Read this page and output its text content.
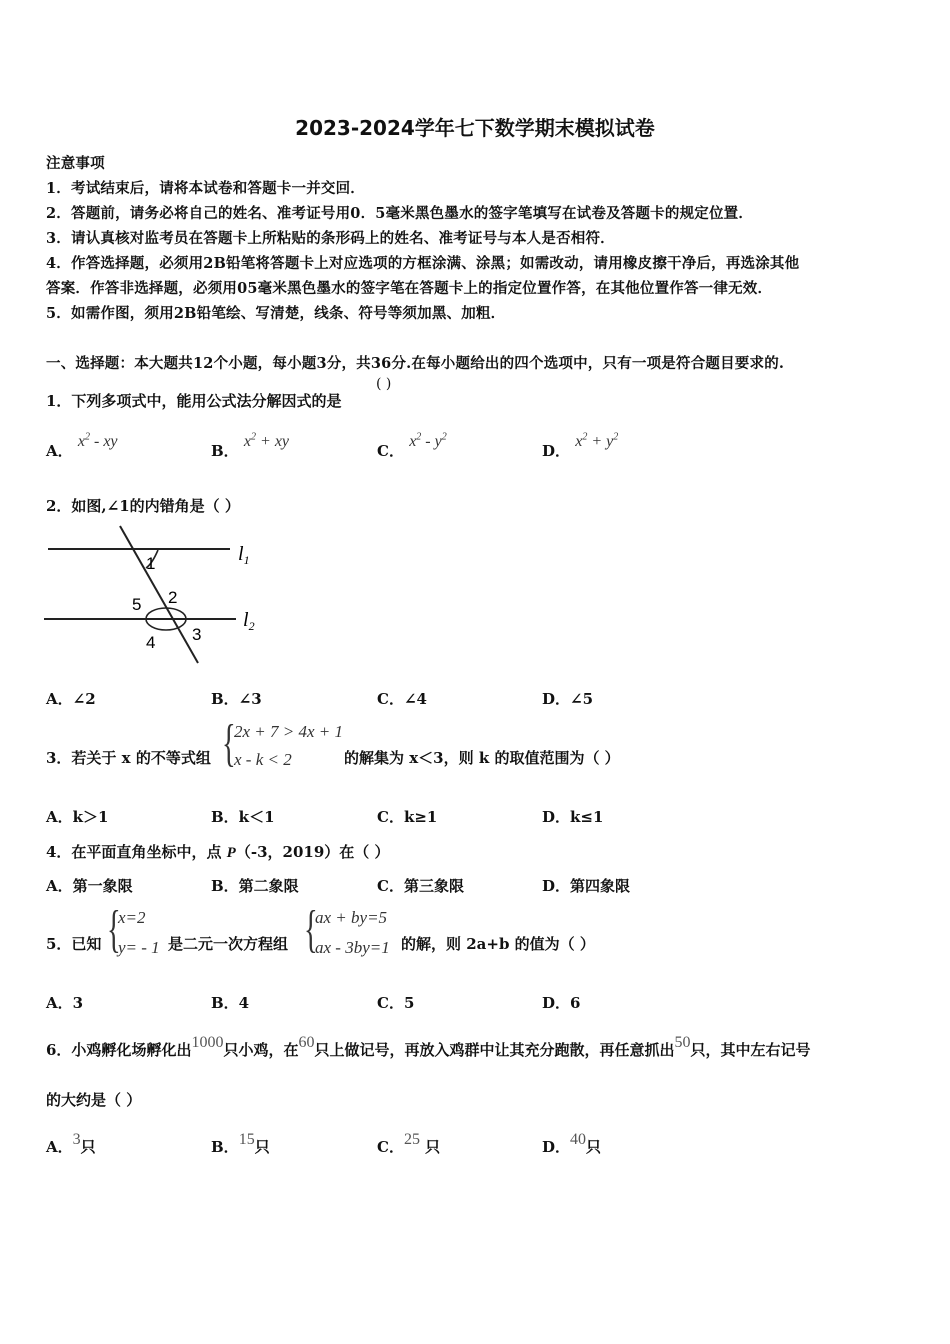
2023-2024学年七下数学期末模拟试卷
注意事项
1．考试结束后，请将本试卷和答题卡一并交回．
2．答题前，请务必将自己的姓名、准考证号用0．5毫米黑色墨水的签字笔填写在试卷及答题卡的规定位置．
3．请认真核对监考员在答题卡上所粘贴的条形码上的姓名、准考证号与本人是否相符．
4．作答选择题，必须用2B铅笔将答题卡上对应选项的方框涂满、涂黑；如需改动，请用橡皮擦干净后，再选涂其他
答案．作答非选择题，必须用05毫米黑色墨水的签字笔在答题卡上的指定位置作答，在其他位置作答一律无效．
5．如需作图，须用2B铅笔绘、写清楚，线条、符号等须加黑、加粗．
一、选择题：本大题共12个小题，每小题3分，共36分.在每小题给出的四个选项中，只有一项是符合题目要求的.
1．下列多项式中，能用公式法分解因式的是
( )
A． $x^2$ - xy
B． $x^2$ + xy
C． $x^2 - y^2$
D． $x^2 + y^2$
2．如图,∠1的内错角是（ ）
1
2
3
4
5
$l_1$
$l_2$
A．∠2	B．∠3	C．∠4	D．∠5
3．若关于 x 的不等式组 {
2x + 7 > 4x + 1
x - k < 2	的解集为 x＜3，则 k 的取值范围为（ ）
A．k＞1	B．k＜1	C．k≥1	D．k≤1
4．在平面直角坐标中，点 P（-3，2019）在（ ）
A．第一象限	B．第二象限	C．第三象限	D．第四象限
5．已知 {
x=2
y= - 1 是二元一次方程组 {
ax + by=5
ax - 3by=1 的解，则 2a+b 的值为（ ）
A．3	B．4	C．5	D．6
6．小鸡孵化场孵化出1000只小鸡，在60只上做记号，再放入鸡群中让其充分跑散，再任意抓出50只，其中左右记号
的大约是（ ）
A．3只	B．15只	C．25 只	D．40只
